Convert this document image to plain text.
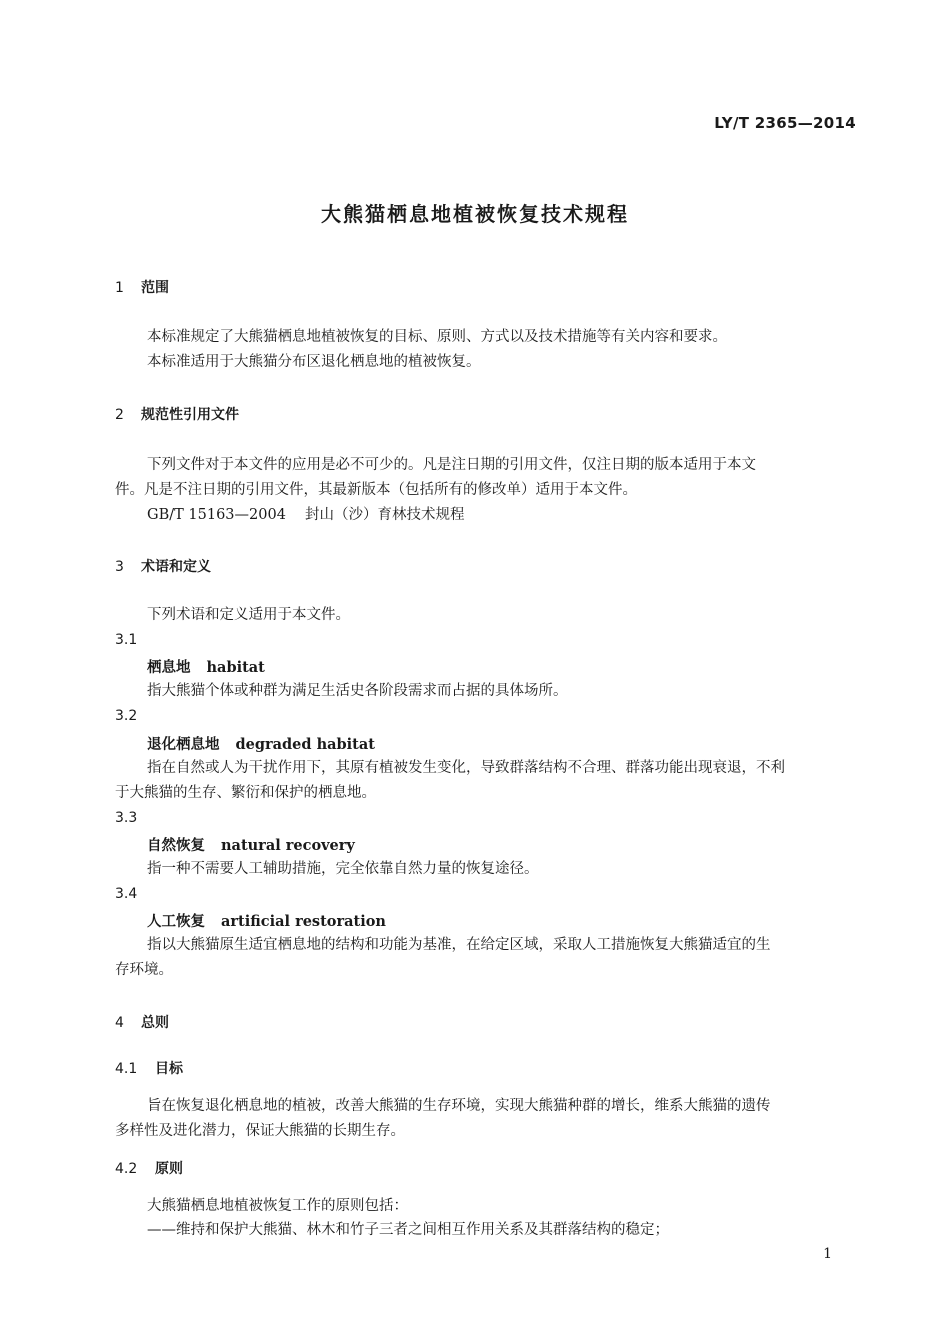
LY/T 2365—2014
大熊猫栖息地植被恢复技术规程
1 范围
本标准规定了大熊猫栖息地植被恢复的目标、原则、方式以及技术措施等有关内容和要求。
本标准适用于大熊猫分布区退化栖息地的植被恢复。
2 规范性引用文件
下列文件对于本文件的应用是必不可少的。凡是注日期的引用文件，仅注日期的版本适用于本文
件。凡是不注日期的引用文件，其最新版本（包括所有的修改单）适用于本文件。
GB/T 15163—2004 封山（沙）育林技术规程
3 术语和定义
下列术语和定义适用于本文件。
3.1
栖息地 habitat
指大熊猫个体或种群为满足生活史各阶段需求而占据的具体场所。
3.2
退化栖息地 degraded habitat
指在自然或人为干扰作用下，其原有植被发生变化，导致群落结构不合理、群落功能出现衰退，不利
于大熊猫的生存、繁衍和保护的栖息地。
3.3
自然恢复 natural recovery
指一种不需要人工辅助措施，完全依靠自然力量的恢复途径。
3.4
人工恢复 artificial restoration
指以大熊猫原生适宜栖息地的结构和功能为基准，在给定区域，采取人工措施恢复大熊猫适宜的生
存环境。
4 总则
4.1 目标
旨在恢复退化栖息地的植被，改善大熊猫的生存环境，实现大熊猫种群的增长，维系大熊猫的遗传
多样性及进化潜力，保证大熊猫的长期生存。
4.2 原则
大熊猫栖息地植被恢复工作的原则包括：
——维持和保护大熊猫、林木和竹子三者之间相互作用关系及其群落结构的稳定；
1
